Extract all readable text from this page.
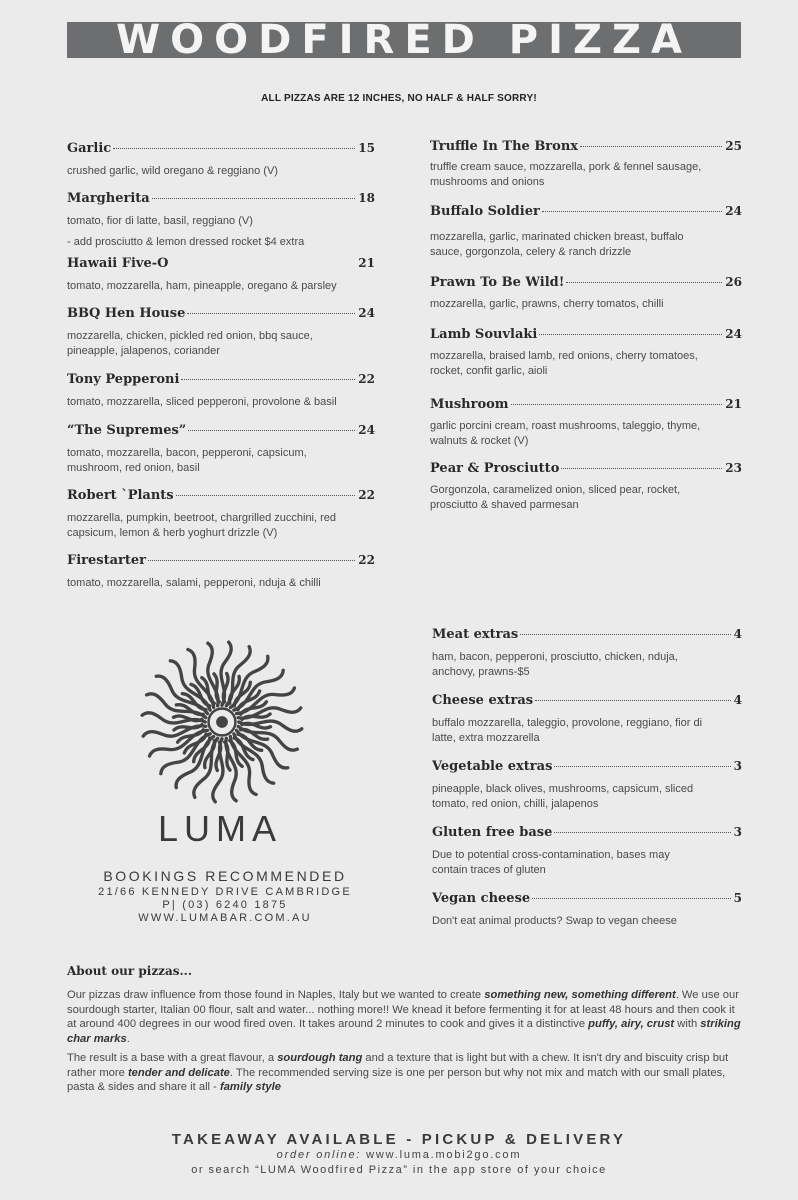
WOODFIRED PIZZA
ALL PIZZAS ARE 12 INCHES, NO HALF & HALF SORRY!
Garlic	15
crushed garlic, wild oregano & reggiano (V)
Margherita	18
tomato, fior di latte, basil, reggiano (V)
- add prosciutto & lemon dressed rocket $4 extra
Hawaii Five-O	21
tomato, mozzarella, ham, pineapple, oregano & parsley
BBQ Hen House	24
mozzarella, chicken, pickled red onion, bbq sauce,
pineapple, jalapenos, coriander
Tony Pepperoni	22
tomato, mozzarella, sliced pepperoni, provolone & basil
“The Supremes”	24
tomato, mozzarella, bacon, pepperoni, capsicum,
mushroom, red onion, basil
Robert `Plants	22
mozzarella, pumpkin, beetroot, chargrilled zucchini, red
capsicum, lemon & herb yoghurt drizzle (V)
Firestarter	22
tomato, mozzarella, salami, pepperoni, nduja & chilli
Truffle In The Bronx	25
truffle cream sauce, mozzarella, pork & fennel sausage,
mushrooms and onions
Buffalo Soldier	24
mozzarella, garlic, marinated chicken breast, buffalo
sauce, gorgonzola, celery & ranch drizzle
Prawn To Be Wild!	26
mozzarella, garlic, prawns, cherry tomatos, chilli
Lamb Souvlaki	24
mozzarella, braised lamb, red onions, cherry tomatoes,
rocket, confit garlic, aioli
Mushroom	21
garlic porcini cream, roast mushrooms, taleggio, thyme,
walnuts & rocket (V)
Pear & Prosciutto	23
Gorgonzola, caramelized onion, sliced pear, rocket,
prosciutto & shaved parmesan
Meat extras	4
ham, bacon, pepperoni, prosciutto, chicken, nduja,
anchovy, prawns-$5
Cheese extras	4
buffalo mozzarella, taleggio, provolone, reggiano, fior di
latte, extra mozzarella
Vegetable extras	3
pineapple, black olives, mushrooms, capsicum, sliced
tomato, red onion, chilli, jalapenos
Gluten free base	3
Due to potential cross-contamination, bases may
contain traces of gluten
Vegan cheese	5
Don't eat animal products? Swap to vegan cheese
LUMA
BOOKINGS RECOMMENDED
21/66 KENNEDY DRIVE CAMBRIDGE
P| (03) 6240 1875
WWW.LUMABAR.COM.AU
About our pizzas...

Our pizzas draw influence from those found in Naples, Italy but we wanted to create something new, something different. We use our sourdough starter, Italian 00 flour, salt and water... nothing more!! We knead it before fermenting it for at least 48 hours and then cook it at around 400 degrees in our wood fired oven. It takes around 2 minutes to cook and gives it a distinctive puffy, airy, crust with striking char marks.

The result is a base with a great flavour, a sourdough tang and a texture that is light but with a chew. It isn't dry and biscuity crisp but rather more tender and delicate. The recommended serving size is one per person but why not mix and match with our small plates, pasta & sides and share it all - family style

TAKEAWAY AVAILABLE - PICKUP & DELIVERY
order online: www.luma.mobi2go.com
or search “LUMA Woodfired Pizza” in the app store of your choice
